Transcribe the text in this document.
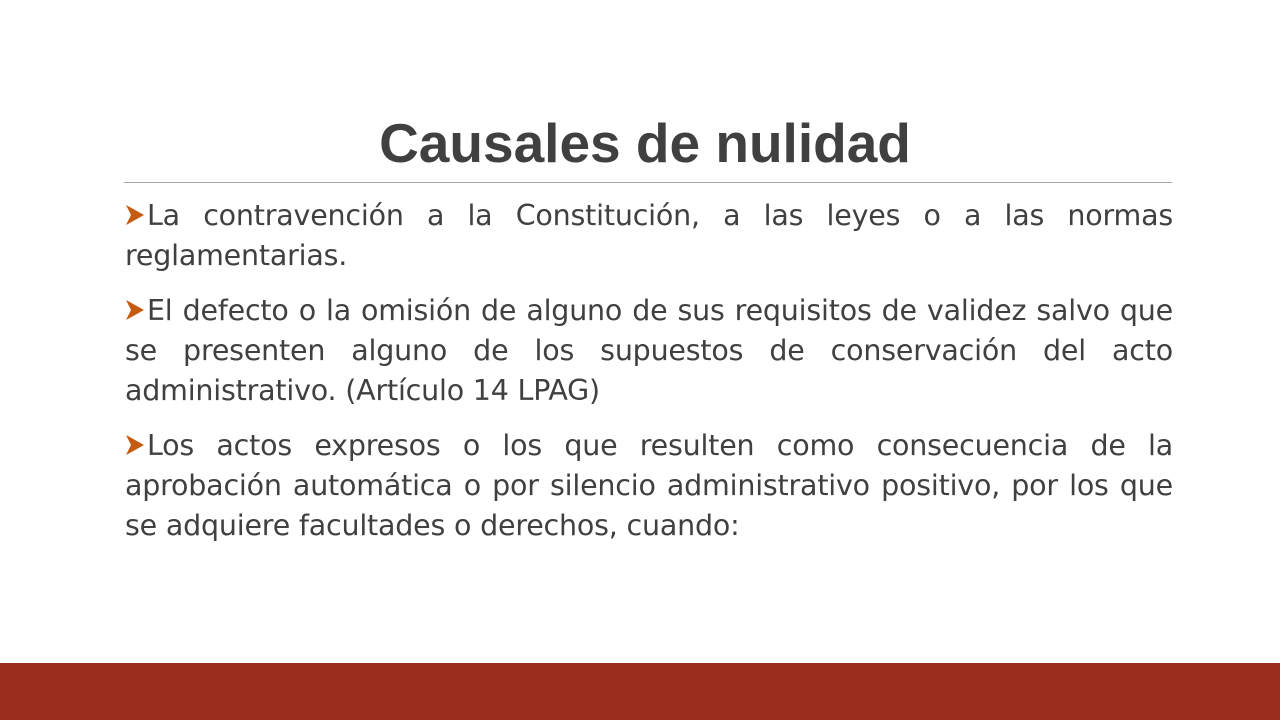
Causales de nulidad

La contravención a la Constitución, a las leyes o a las normas reglamentarias.

El defecto o la omisión de alguno de sus requisitos de validez salvo que se presenten alguno de los supuestos de conservación del acto administrativo. (Artículo 14 LPAG)

Los actos expresos o los que resulten como consecuencia de la aprobación automática o por silencio administrativo positivo, por los que se adquiere facultades o derechos, cuando:
